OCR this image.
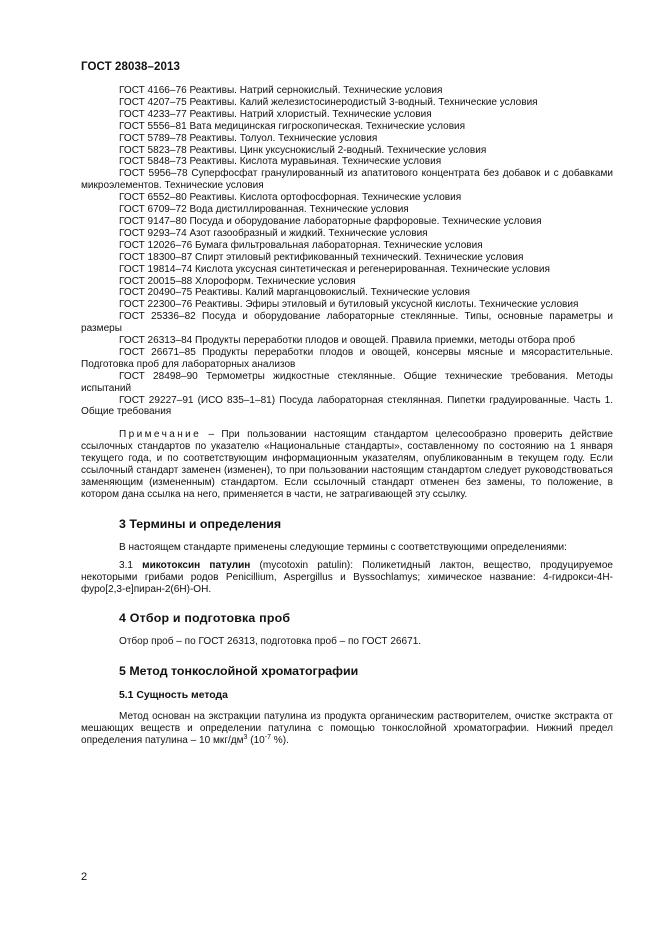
ГОСТ 28038–2013
ГОСТ 4166–76 Реактивы. Натрий сернокислый. Технические условия
ГОСТ 4207–75 Реактивы. Калий железистосинеродистый 3-водный. Технические условия
ГОСТ 4233–77 Реактивы. Натрий хлористый. Технические условия
ГОСТ 5556–81 Вата медицинская гигроскопическая. Технические условия
ГОСТ 5789–78 Реактивы. Толуол. Технические условия
ГОСТ 5823–78 Реактивы. Цинк уксуснокислый 2-водный. Технические условия
ГОСТ 5848–73 Реактивы. Кислота муравьиная. Технические условия
ГОСТ 5956–78 Суперфосфат гранулированный из апатитового концентрата без добавок и с добавками микроэлементов. Технические условия
ГОСТ 6552–80 Реактивы. Кислота ортофосфорная. Технические условия
ГОСТ 6709–72 Вода дистиллированная. Технические условия
ГОСТ 9147–80 Посуда и оборудование лабораторные фарфоровые. Технические условия
ГОСТ 9293–74 Азот газообразный и жидкий. Технические условия
ГОСТ 12026–76 Бумага фильтровальная лабораторная. Технические условия
ГОСТ 18300–87 Спирт этиловый ректификованный технический. Технические условия
ГОСТ 19814–74 Кислота уксусная синтетическая и регенерированная. Технические условия
ГОСТ 20015–88 Хлороформ. Технические условия
ГОСТ 20490–75 Реактивы. Калий марганцовокислый. Технические условия
ГОСТ 22300–76 Реактивы. Эфиры этиловый и бутиловый уксусной кислоты. Технические условия
ГОСТ 25336–82 Посуда и оборудование лабораторные стеклянные. Типы, основные параметры и размеры
ГОСТ 26313–84 Продукты переработки плодов и овощей. Правила приемки, методы отбора проб
ГОСТ 26671–85 Продукты переработки плодов и овощей, консервы мясные и мясорастительные. Подготовка проб для лабораторных анализов
ГОСТ 28498–90 Термометры жидкостные стеклянные. Общие технические требования. Методы испытаний
ГОСТ 29227–91 (ИСО 835–1–81) Посуда лабораторная стеклянная. Пипетки градуированные. Часть 1. Общие требования
Примечание – При пользовании настоящим стандартом целесообразно проверить действие ссылочных стандартов по указателю «Национальные стандарты», составленному по состоянию на 1 января текущего года, и по соответствующим информационным указателям, опубликованным в текущем году. Если ссылочный стандарт заменен (изменен), то при пользовании настоящим стандартом следует руководствоваться заменяющим (измененным) стандартом. Если ссылочный стандарт отменен без замены, то положение, в котором дана ссылка на него, применяется в части, не затрагивающей эту ссылку.
3 Термины и определения
В настоящем стандарте применены следующие термины с соответствующими определениями:
3.1 микотоксин патулин (mycotoxin patulin): Поликетидный лактон, вещество, продуцируемое некоторыми грибами родов Penicillium, Aspergillus и Byssochlamys; химическое название: 4-гидрокси-4Н-фуро[2,3-е]пиран-2(6Н)-ОН.
4 Отбор и подготовка проб
Отбор проб – по ГОСТ 26313, подготовка проб – по ГОСТ 26671.
5 Метод тонкослойной хроматографии
5.1 Сущность метода
Метод основан на экстракции патулина из продукта органическим растворителем, очистке экстракта от мешающих веществ и определении патулина с помощью тонкослойной хроматографии. Нижний предел определения патулина – 10 мкг/$дм^3$ ($10^{-7}$ %).
2
